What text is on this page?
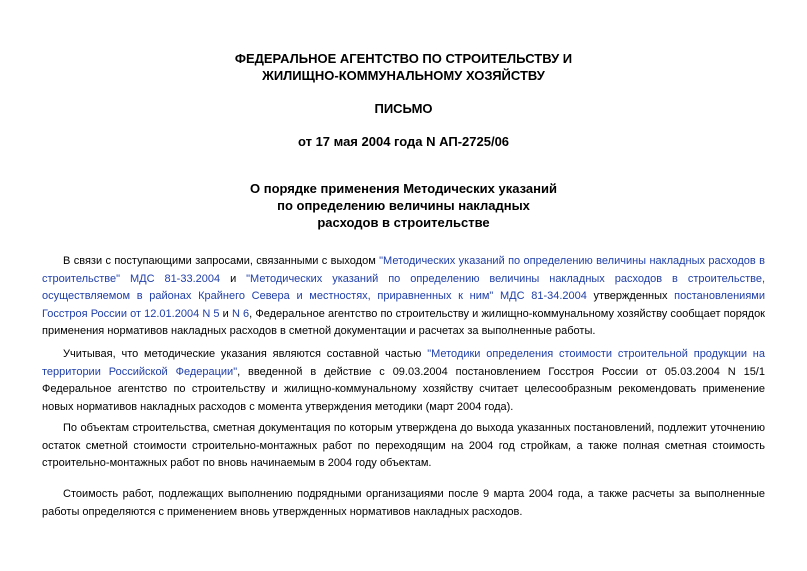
ФЕДЕРАЛЬНОЕ АГЕНТСТВО ПО СТРОИТЕЛЬСТВУ И
ЖИЛИЩНО-КОММУНАЛЬНОМУ ХОЗЯЙСТВУ
ПИСЬМО
от 17 мая 2004 года N АП-2725/06
О порядке применения Методических указаний
по определению величины накладных
расходов в строительстве

В связи с поступающими запросами, связанными с выходом "Методических указаний по определению величины накладных расходов в строительстве" МДС 81-33.2004 и "Методических указаний по определению величины накладных расходов в строительстве, осуществляемом в районах Крайнего Севера и местностях, приравненных к ним" МДС 81-34.2004 утвержденных постановлениями Госстроя России от 12.01.2004 N 5 и N 6, Федеральное агентство по строительству и жилищно-коммунальному хозяйству сообщает порядок применения нормативов накладных расходов в сметной документации и расчетах за выполненные работы.

Учитывая, что методические указания являются составной частью "Методики определения стоимости строительной продукции на территории Российской Федерации", введенной в действие с 09.03.2004 постановлением Госстроя России от 05.03.2004 N 15/1 Федеральное агентство по строительству и жилищно-коммунальному хозяйству считает целесообразным рекомендовать применение новых нормативов накладных расходов с момента утверждения методики (март 2004 года).

По объектам строительства, сметная документация по которым утверждена до выхода указанных постановлений, подлежит уточнению остаток сметной стоимости строительно-монтажных работ по переходящим на 2004 год стройкам, а также полная сметная стоимость строительно-монтажных работ по вновь начинаемым в 2004 году объектам.

Стоимость работ, подлежащих выполнению подрядными организациями после 9 марта 2004 года, а также расчеты за выполненные работы определяются с применением вновь утвержденных нормативов накладных расходов.
